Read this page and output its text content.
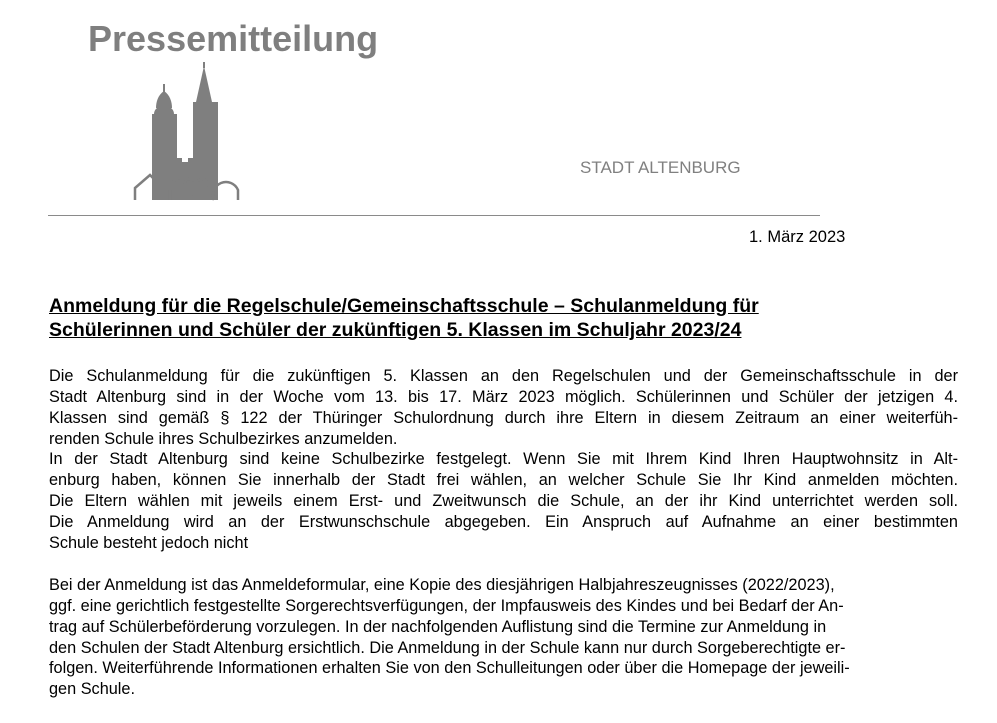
Pressemitteilung
STADT ALTENBURG
1. März 2023
Anmeldung für die Regelschule/Gemeinschaftsschule – Schulanmeldung für
Schülerinnen und Schüler der zukünftigen 5. Klassen im Schuljahr 2023/24
Die Schulanmeldung für die zukünftigen 5. Klassen an den Regelschulen und der Gemeinschaftsschule in der
Stadt Altenburg sind in der Woche vom 13. bis 17. März 2023 möglich. Schülerinnen und Schüler der jetzigen 4.
Klassen sind gemäß § 122 der Thüringer Schulordnung durch ihre Eltern in diesem Zeitraum an einer weiterfüh-
renden Schule ihres Schulbezirkes anzumelden.
In der Stadt Altenburg sind keine Schulbezirke festgelegt. Wenn Sie mit Ihrem Kind Ihren Hauptwohnsitz in Alt-
enburg haben, können Sie innerhalb der Stadt frei wählen, an welcher Schule Sie Ihr Kind anmelden möchten.
Die Eltern wählen mit jeweils einem Erst- und Zweitwunsch die Schule, an der ihr Kind unterrichtet werden soll.
Die Anmeldung wird an der Erstwunschschule abgegeben. Ein Anspruch auf Aufnahme an einer bestimmten
Schule besteht jedoch nicht
Bei der Anmeldung ist das Anmeldeformular, eine Kopie des diesjährigen Halbjahreszeugnisses (2022/2023),
ggf. eine gerichtlich festgestellte Sorgerechtsverfügungen, der Impfausweis des Kindes und bei Bedarf der An-
trag auf Schülerbeförderung vorzulegen. In der nachfolgenden Auflistung sind die Termine zur Anmeldung in
den Schulen der Stadt Altenburg ersichtlich. Die Anmeldung in der Schule kann nur durch Sorgeberechtigte er-
folgen. Weiterführende Informationen erhalten Sie von den Schulleitungen oder über die Homepage der jeweili-
gen Schule.
